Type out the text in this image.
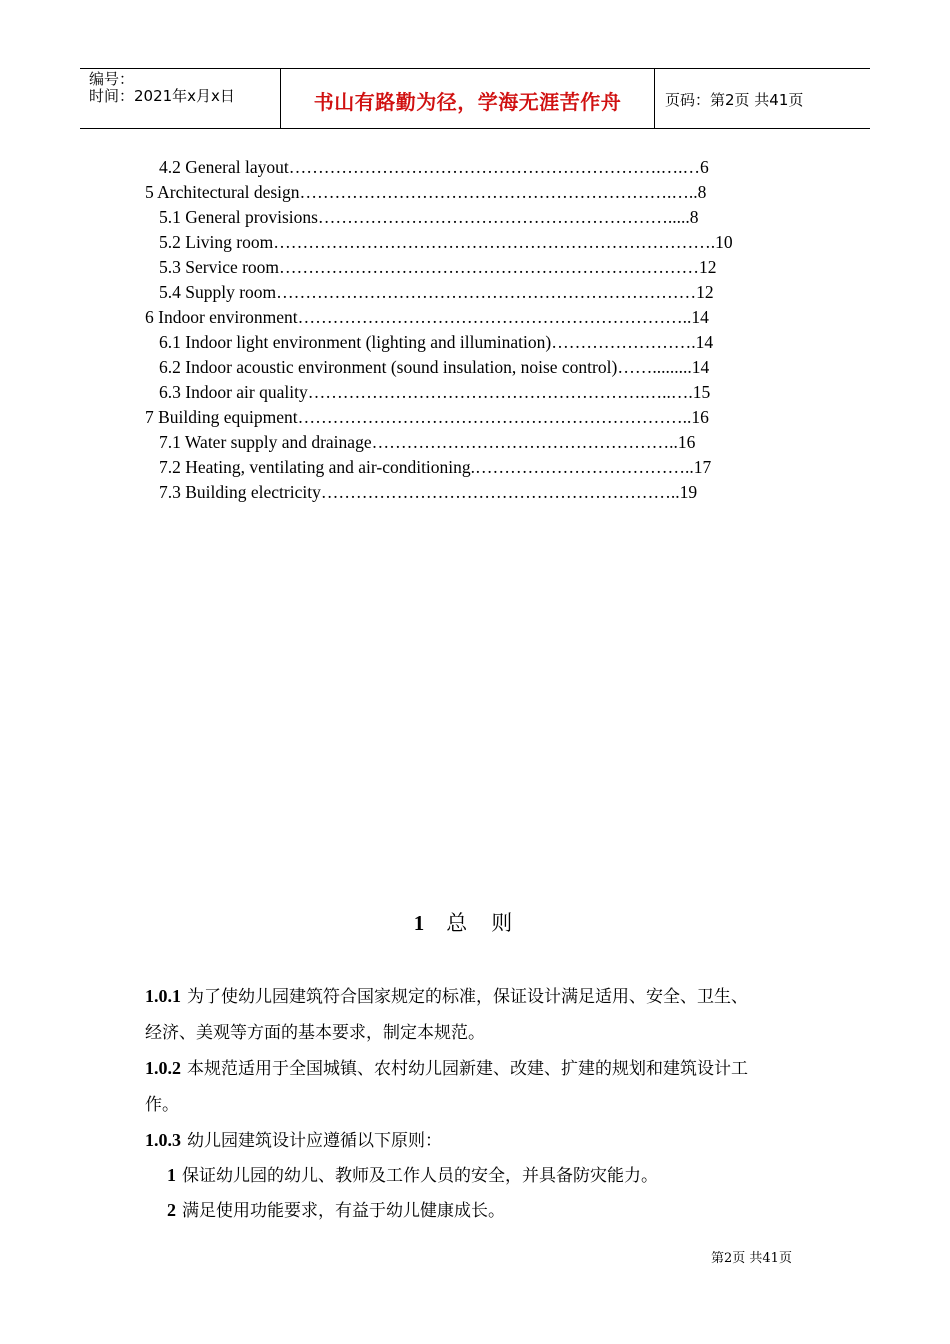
编号：
时间：2021年x月x日	书山有路勤为径，学海无涯苦作舟	页码：第2页 共41页
4.2 General layout……………………………………………………….….…6
5 Architectural design……………………………………………………….…..8
5.1 General provisions…………………………………………………….....8
5.2 Living room………………………………………………………………….10
5.3 Service room………………………………………………………………12
5.4 Supply room………………………………………………………………12
6 Indoor environment…………………………………………………………..14
6.1 Indoor light environment (lighting and illumination)…………………….14
6.2 Indoor acoustic environment (sound insulation, noise control)…….........14
6.3 Indoor air quality………………………………………………….…..….15
7 Building equipment…………………………………………………………..16
7.1 Water supply and drainage……………………………………………..16
7.2 Heating, ventilating and air-conditioning.………………………………..17
7.3 Building electricity……………………………………………………..19
1 总则
1.0.1 为了使幼儿园建筑符合国家规定的标准，保证设计满足适用、安全、卫生、
经济、美观等方面的基本要求，制定本规范。
1.0.2 本规范适用于全国城镇、农村幼儿园新建、改建、扩建的规划和建筑设计工
作。
1.0.3 幼儿园建筑设计应遵循以下原则：
1 保证幼儿园的幼儿、教师及工作人员的安全，并具备防灾能力。
2 满足使用功能要求，有益于幼儿健康成长。
第2页 共41页
